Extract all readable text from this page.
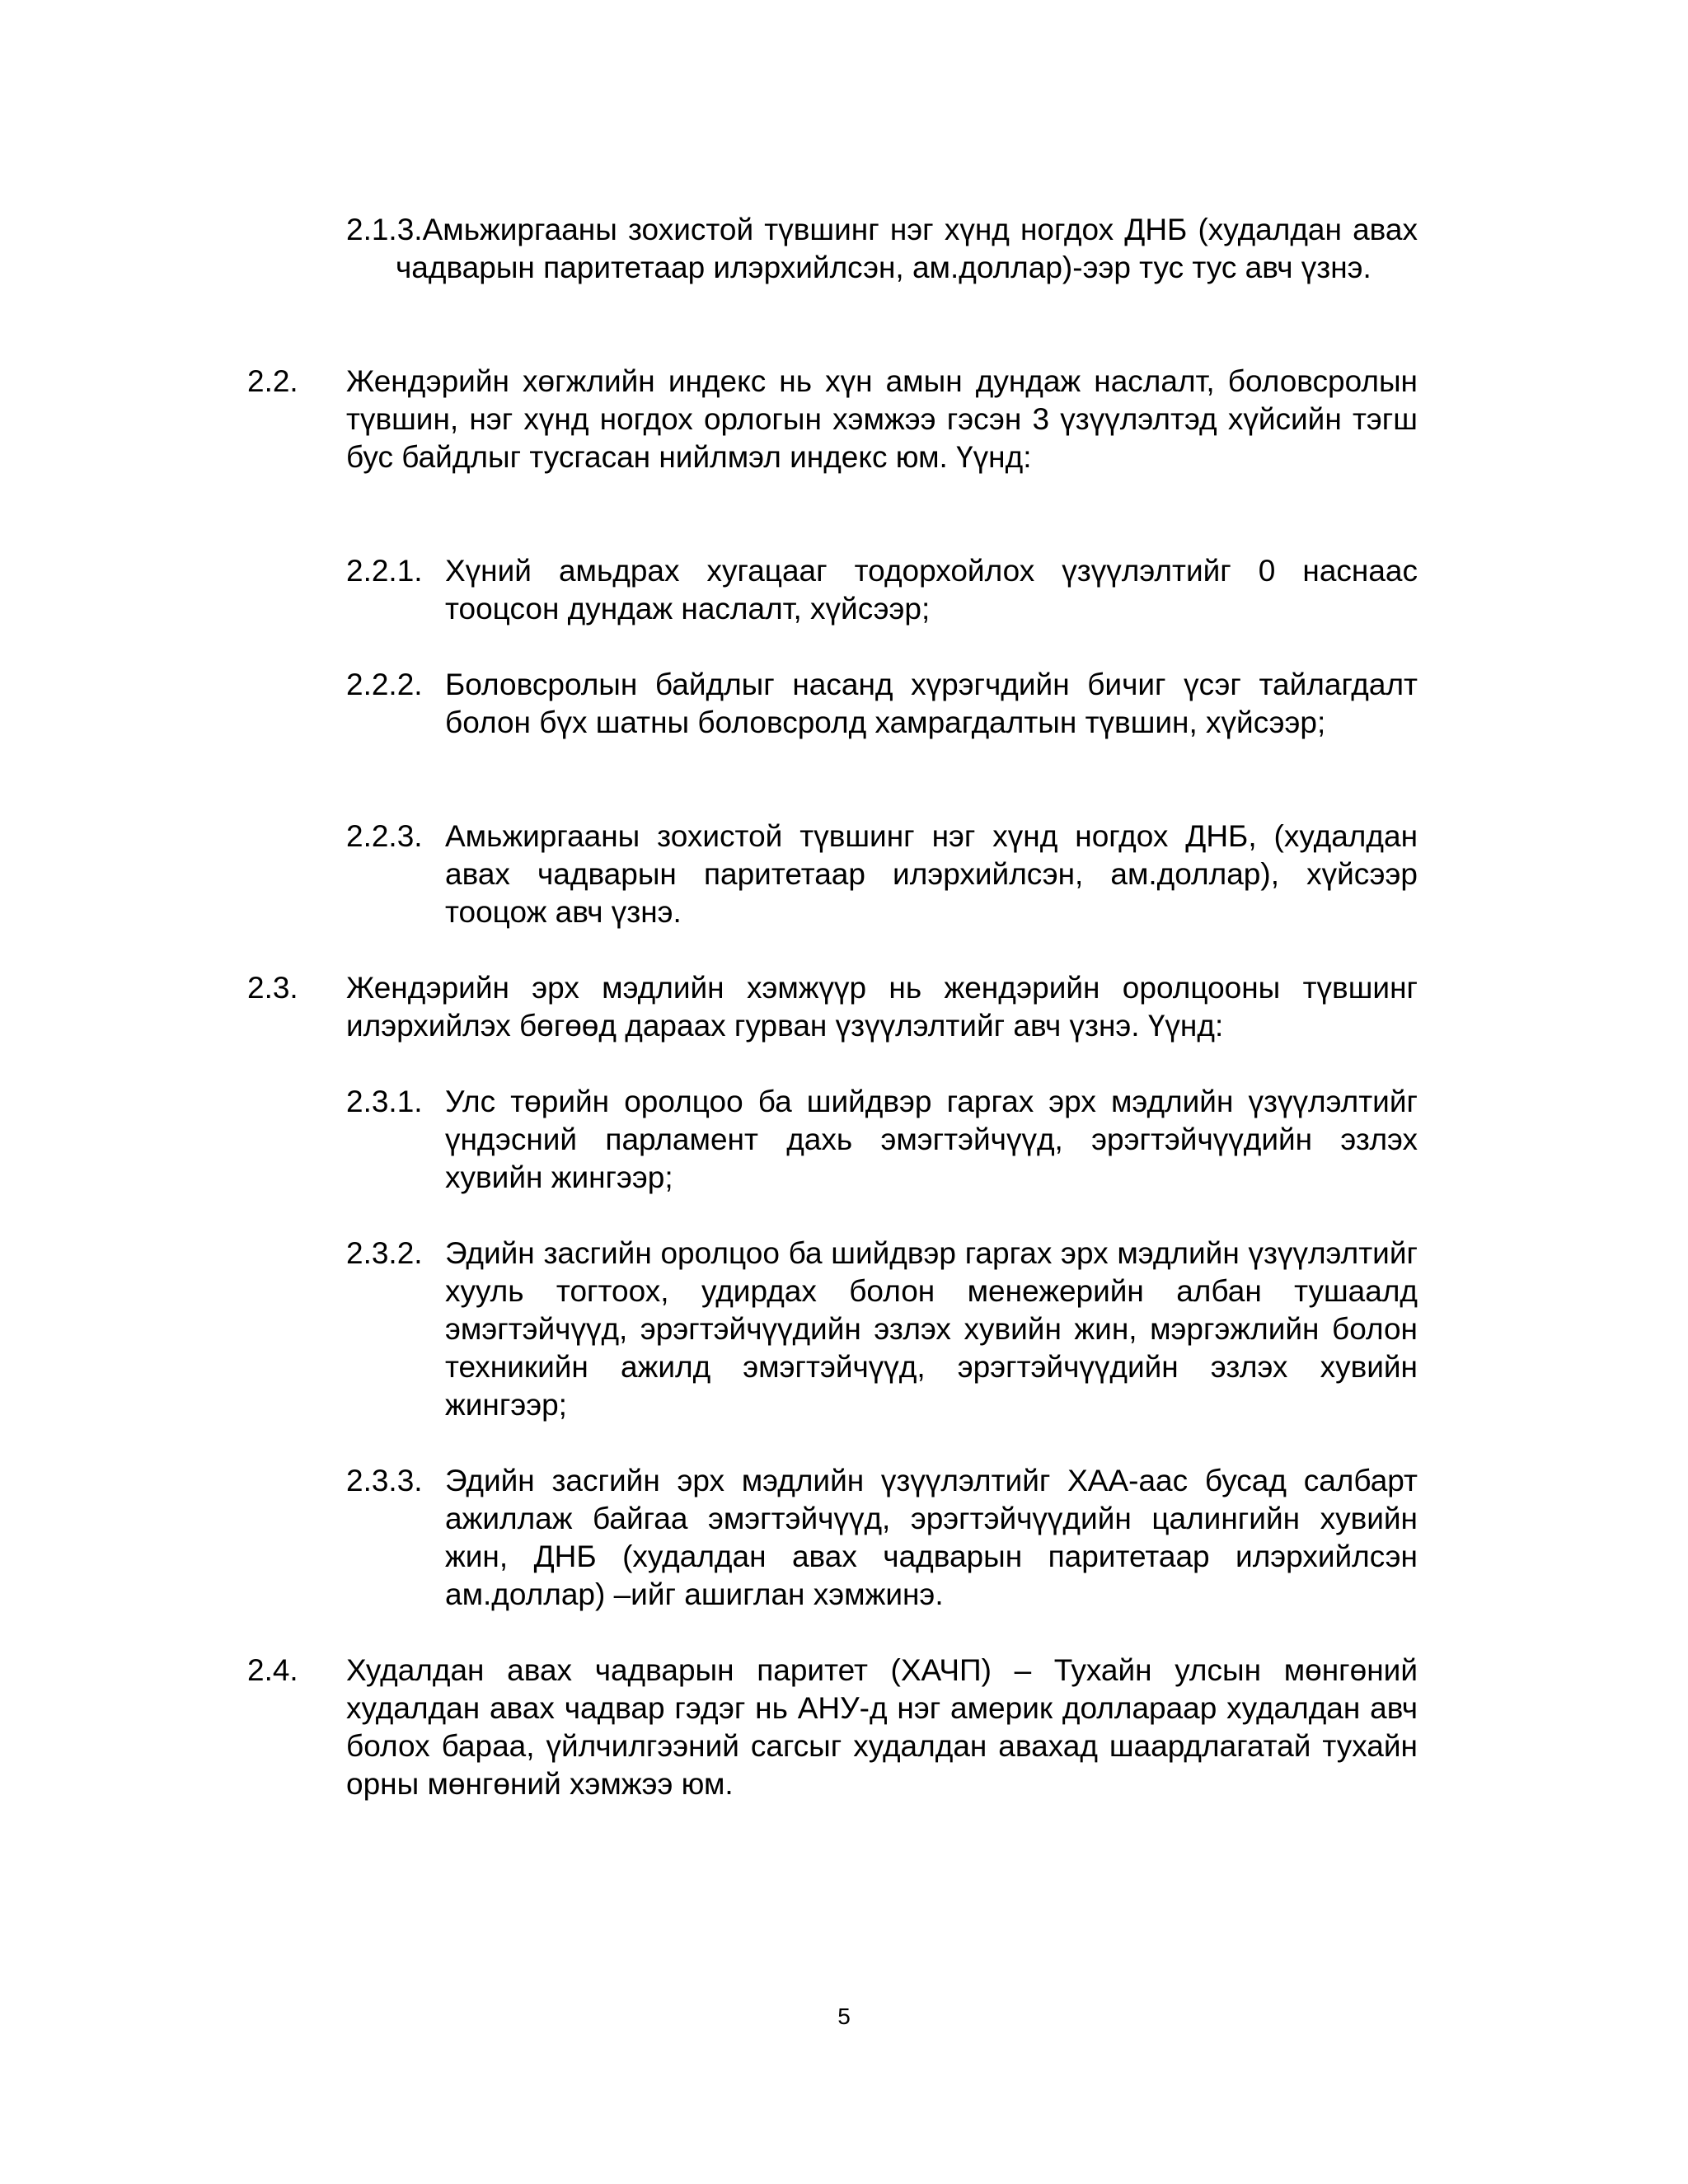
2.1.3.Амьжиргааны зохистой түвшинг нэг хүнд ногдох ДНБ (худалдан авах чадварын паритетаар илэрхийлсэн, ам.доллар)-ээр тус тус авч үзнэ.
2.2. Жендэрийн хөгжлийн индекс нь хүн амын дундаж наслалт, боловсролын түвшин, нэг хүнд ногдох орлогын хэмжээ гэсэн 3 үзүүлэлтэд хүйсийн тэгш бус байдлыг тусгасан нийлмэл индекс юм. Үүнд:
2.2.1. Хүний амьдрах хугацааг тодорхойлох үзүүлэлтийг 0 наснаас тооцсон дундаж наслалт, хүйсээр;
2.2.2. Боловсролын байдлыг насанд хүрэгчдийн бичиг үсэг тайлагдалт болон бүх шатны боловсролд хамрагдалтын түвшин, хүйсээр;
2.2.3. Амьжиргааны зохистой түвшинг нэг хүнд ногдох ДНБ, (худалдан авах чадварын паритетаар илэрхийлсэн, ам.доллар), хүйсээр тооцож авч үзнэ.
2.3. Жендэрийн эрх мэдлийн хэмжүүр нь жендэрийн оролцооны түвшинг илэрхийлэх бөгөөд дараах гурван үзүүлэлтийг авч үзнэ. Үүнд:
2.3.1. Улс төрийн оролцоо ба шийдвэр гаргах эрх мэдлийн үзүүлэлтийг үндэсний парламент дахь эмэгтэйчүүд, эрэгтэйчүүдийн эзлэх хувийн жингээр;
2.3.2. Эдийн засгийн оролцоо ба шийдвэр гаргах эрх мэдлийн үзүүлэлтийг хууль тогтоох, удирдах болон менежерийн албан тушаалд эмэгтэйчүүд, эрэгтэйчүүдийн эзлэх хувийн жин, мэргэжлийн болон техникийн ажилд эмэгтэйчүүд, эрэгтэйчүүдийн эзлэх хувийн жингээр;
2.3.3. Эдийн засгийн эрх мэдлийн үзүүлэлтийг ХАА-аас бусад салбарт ажиллаж байгаа эмэгтэйчүүд, эрэгтэйчүүдийн цалингийн хувийн жин, ДНБ (худалдан авах чадварын паритетаар илэрхийлсэн ам.доллар) –ийг ашиглан хэмжинэ.
2.4. Худалдан авах чадварын паритет (ХАЧП) – Тухайн улсын мөнгөний худалдан авах чадвар гэдэг нь АНУ-д нэг америк доллараар худалдан авч болох бараа, үйлчилгээний сагсыг худалдан авахад шаардлагатай тухайн орны мөнгөний хэмжээ юм.
5
